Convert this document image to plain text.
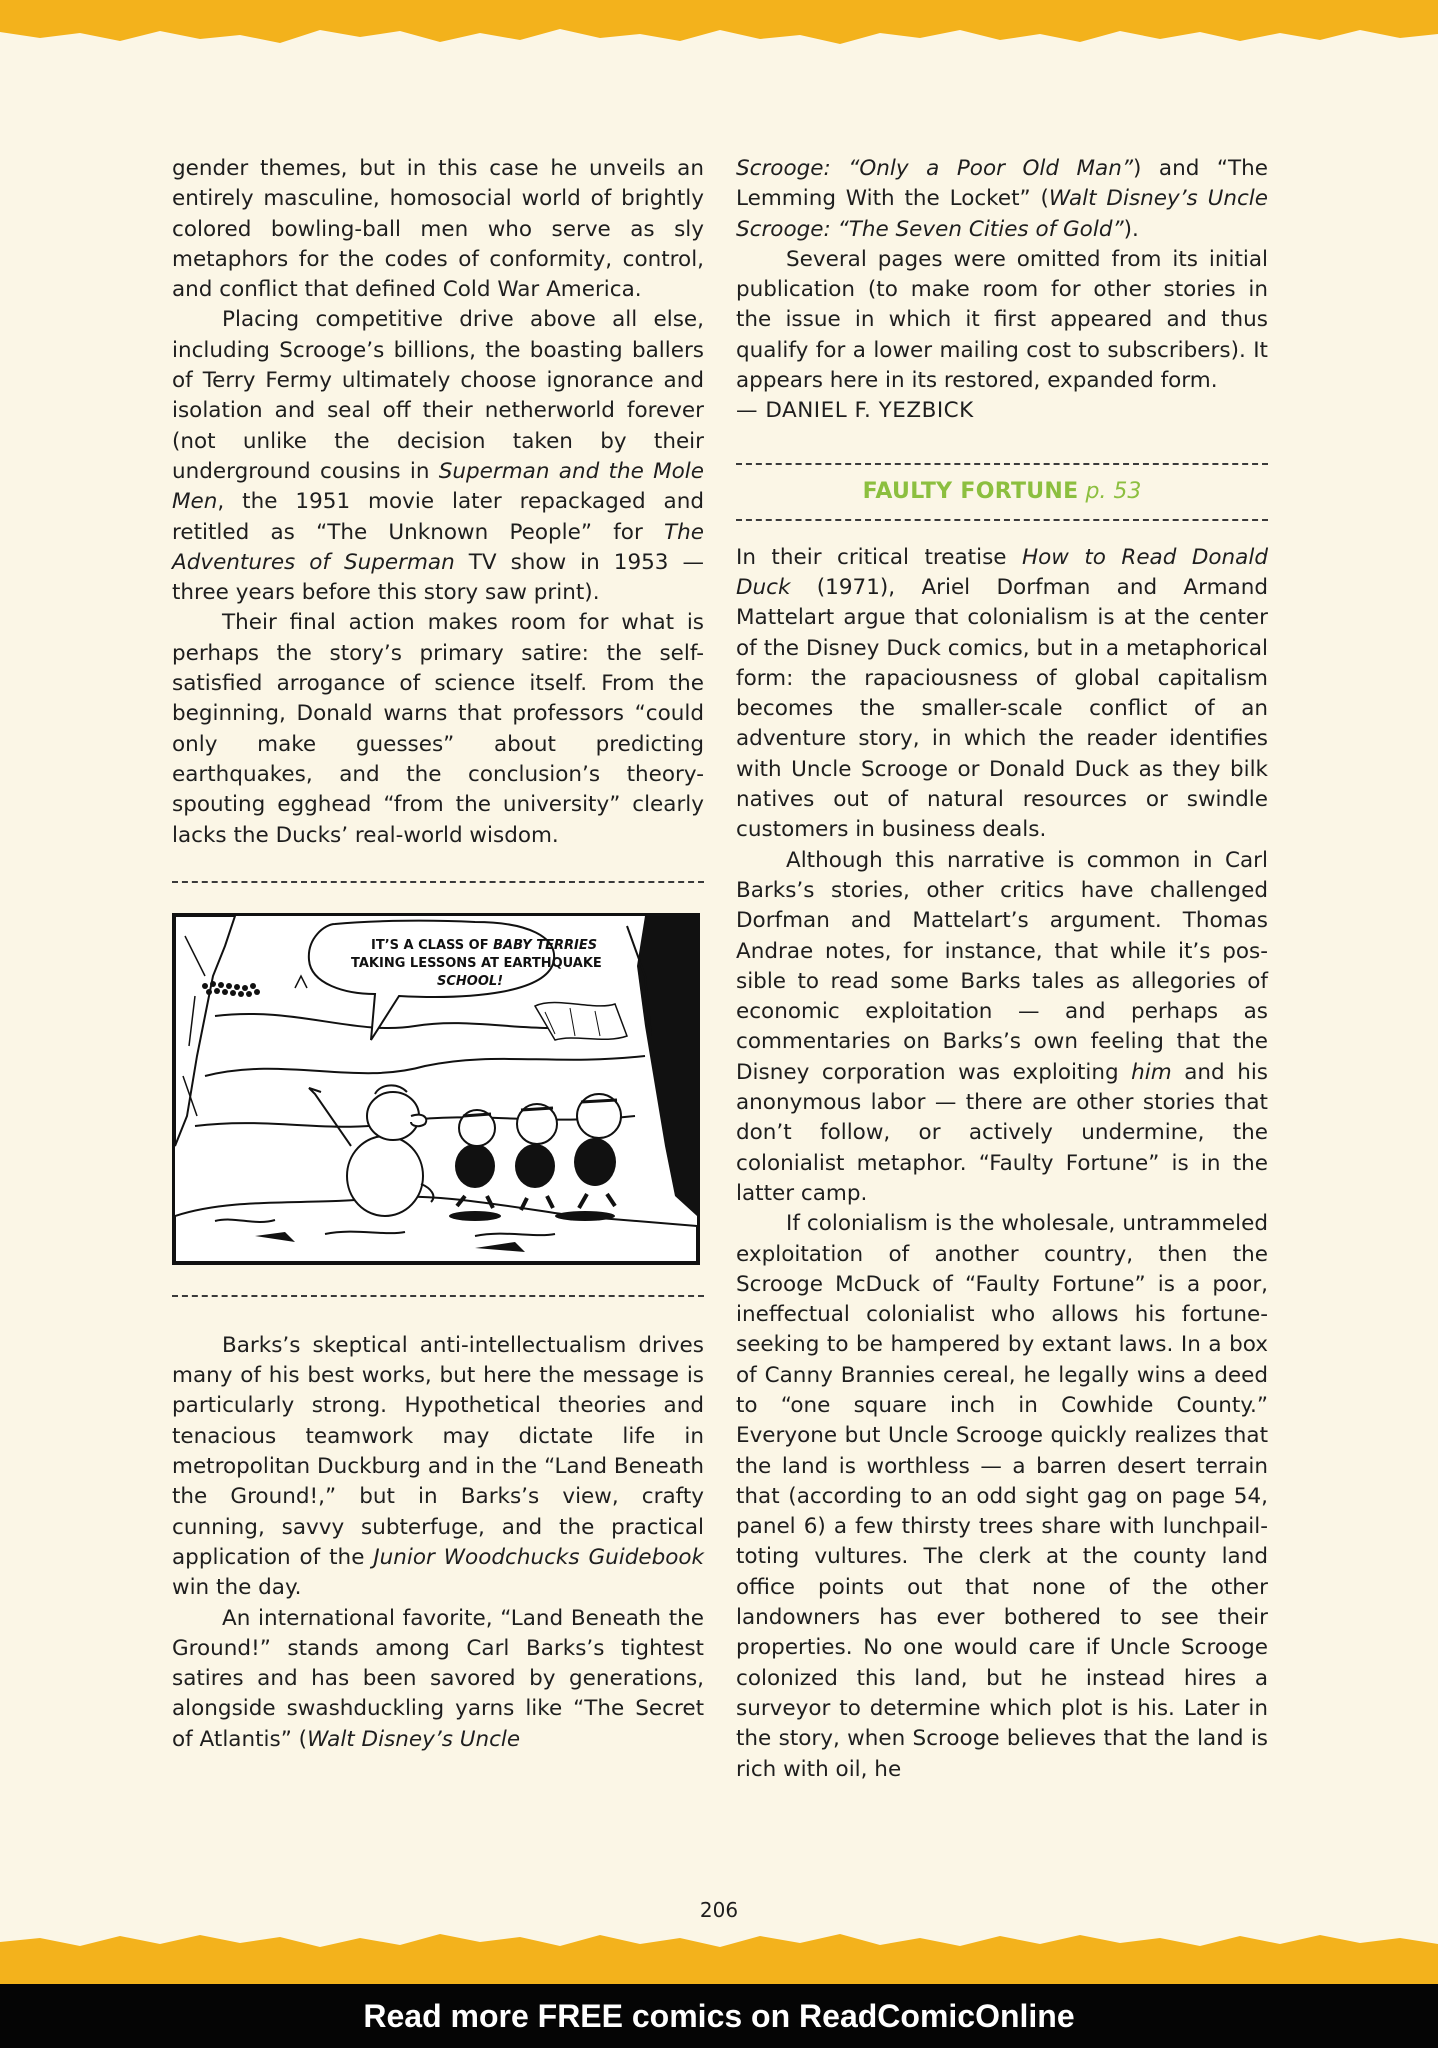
gender themes, but in this case he unveils an entirely masculine, homosocial world of brightly colored bowling-ball men who serve as sly metaphors for the codes of conformity, control, and conflict that defined Cold War America.

Placing competitive drive above all else, including Scrooge’s billions, the boasting ballers of Terry Fermy ultimately choose ignorance and isolation and seal off their netherworld forever (not unlike the decision taken by their underground cousins in Superman and the Mole Men, the 1951 movie later repackaged and retitled as “The Unknown People” for The Adventures of Superman TV show in 1953 — three years before this story saw print).

Their final action makes room for what is perhaps the story’s primary satire: the self-satisfied arrogance of science itself. From the beginning, Donald warns that professors “could only make guesses” about predicting earthquakes, and the conclusion’s theory-spouting egghead “from the university” clearly lacks the Ducks’ real-world wisdom.

IT’S A CLASS OF BABY TERRIES
TAKING LESSONS AT EARTHQUAKE
SCHOOL!

Barks’s skeptical anti-intellectualism drives many of his best works, but here the message is particularly strong. Hypothetical theories and tenacious teamwork may dictate life in metropolitan Duckburg and in the “Land Beneath the Ground!,” but in Barks’s view, crafty cunning, savvy subterfuge, and the practical application of the Junior Woodchucks Guidebook win the day.

An international favorite, “Land Beneath the Ground!” stands among Carl Barks’s tightest satires and has been savored by generations, alongside swashduckling yarns like “The Secret of Atlantis” (Walt Disney’s Uncle

Scrooge: “Only a Poor Old Man”) and “The Lemming With the Locket” (Walt Disney’s Uncle Scrooge: “The Seven Cities of Gold”).

Several pages were omitted from its initial publication (to make room for other stories in the issue in which it first appeared and thus qualify for a lower mailing cost to subscribers). It appears here in its restored, expanded form.

— DANIEL F. YEZBICK

FAULTY FORTUNE p. 53

In their critical treatise How to Read Donald Duck (1971), Ariel Dorfman and Armand Mattelart argue that colonialism is at the center of the Disney Duck comics, but in a metaphorical form: the rapaciousness of global capitalism becomes the smaller-scale conflict of an adventure story, in which the reader identifies with Uncle Scrooge or Donald Duck as they bilk natives out of natural resources or swindle customers in business deals.

Although this narrative is common in Carl Barks’s stories, other critics have challenged Dorfman and Mattelart’s argument. Thomas Andrae notes, for instance, that while it’s possible to read some Barks tales as allegories of economic exploitation — and perhaps as commentaries on Barks’s own feeling that the Disney corporation was exploiting him and his anonymous labor — there are other stories that don’t follow, or actively undermine, the colonialist metaphor. “Faulty Fortune” is in the latter camp.

If colonialism is the wholesale, untrammeled exploitation of another country, then the Scrooge McDuck of “Faulty Fortune” is a poor, ineffectual colonialist who allows his fortune-seeking to be hampered by extant laws. In a box of Canny Brannies cereal, he legally wins a deed to “one square inch in Cowhide County.” Everyone but Uncle Scrooge quickly realizes that the land is worthless — a barren desert terrain that (according to an odd sight gag on page 54, panel 6) a few thirsty trees share with lunchpail-toting vultures. The clerk at the county land office points out that none of the other landowners has ever bothered to see their properties. No one would care if Uncle Scrooge colonized this land, but he instead hires a surveyor to determine which plot is his. Later in the story, when Scrooge believes that the land is rich with oil, he

206
Read more FREE comics on ReadComicOnline
